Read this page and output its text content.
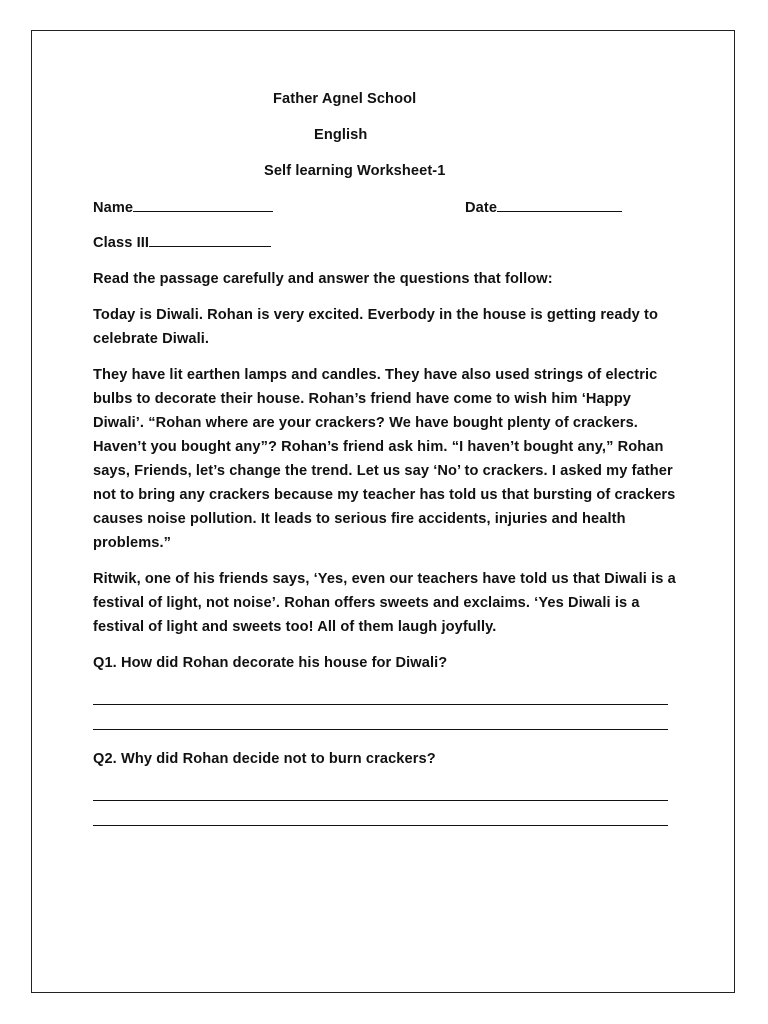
Father Agnel School
English
Self learning Worksheet-1
Name	Date
Class III
Read the passage carefully and answer the questions that follow:
Today is Diwali. Rohan is very excited. Everbody in the house is getting ready to celebrate Diwali.
They have lit earthen lamps and candles. They have also used strings of electric bulbs to decorate their house. Rohan’s friend have come to wish him ‘Happy Diwali’. “Rohan where are your crackers? We have bought plenty of crackers. Haven’t you bought any”? Rohan’s friend ask him. “I haven’t bought any,” Rohan says, Friends, let’s change the trend. Let us say ‘No’ to crackers. I asked my father not to bring any crackers because my teacher has told us that bursting of crackers causes noise pollution. It leads to serious fire accidents, injuries and health problems.”
Ritwik, one of his friends says, ‘Yes, even our teachers have told us that Diwali is a festival of light, not noise’. Rohan offers sweets and exclaims. ‘Yes Diwali is a festival of light and sweets too! All of them laugh joyfully.
Q1. How did Rohan decorate his house for Diwali?
Q2. Why did Rohan decide not to burn crackers?
